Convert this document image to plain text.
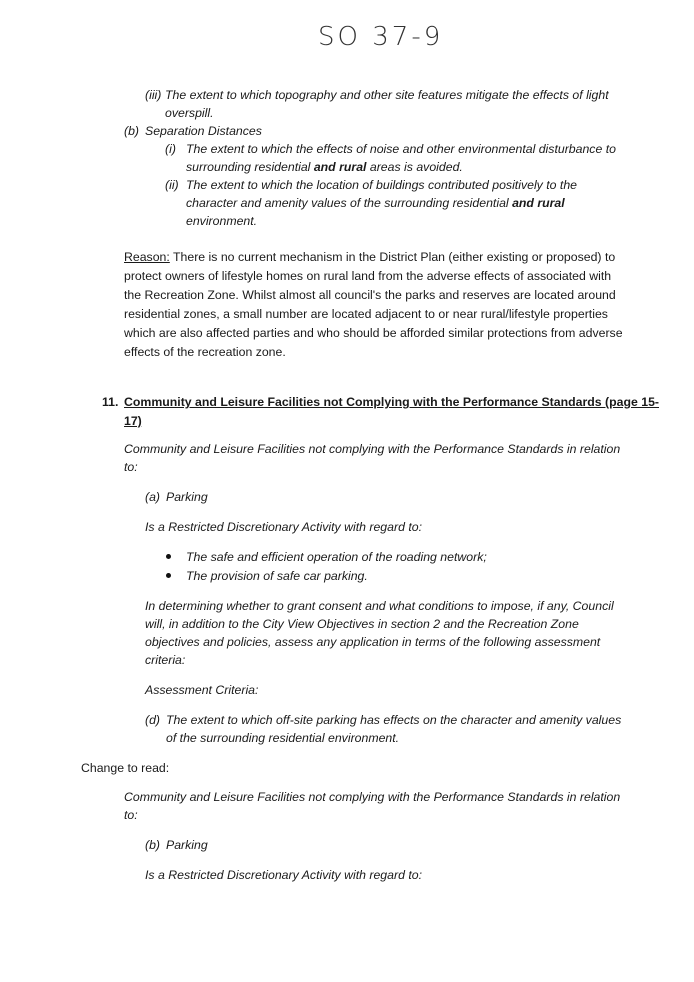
SO 37-9
(iii) The extent to which topography and other site features mitigate the effects of light
overspill.
(b) Separation Distances
(i) The extent to which the effects of noise and other environmental disturbance to
surrounding residential and rural areas is avoided.
(ii) The extent to which the location of buildings contributed positively to the
character and amenity values of the surrounding residential and rural
environment.
Reason: There is no current mechanism in the District Plan (either existing or proposed) to
protect owners of lifestyle homes on rural land from the adverse effects of associated with
the Recreation Zone. Whilst almost all council's the parks and reserves are located around
residential zones, a small number are located adjacent to or near rural/lifestyle properties
which are also affected parties and who should be afforded similar protections from adverse
effects of the recreation zone.
11. Community and Leisure Facilities not Complying with the Performance Standards (page 15-
17)
Community and Leisure Facilities not complying with the Performance Standards in relation
to:
(a) Parking
Is a Restricted Discretionary Activity with regard to:
The safe and efficient operation of the roading network;
The provision of safe car parking.
In determining whether to grant consent and what conditions to impose, if any, Council
will, in addition to the City View Objectives in section 2 and the Recreation Zone
objectives and policies, assess any application in terms of the following assessment
criteria:
Assessment Criteria:
(d) The extent to which off-site parking has effects on the character and amenity values
of the surrounding residential environment.
Change to read:
Community and Leisure Facilities not complying with the Performance Standards in relation
to:
(b) Parking
Is a Restricted Discretionary Activity with regard to:
